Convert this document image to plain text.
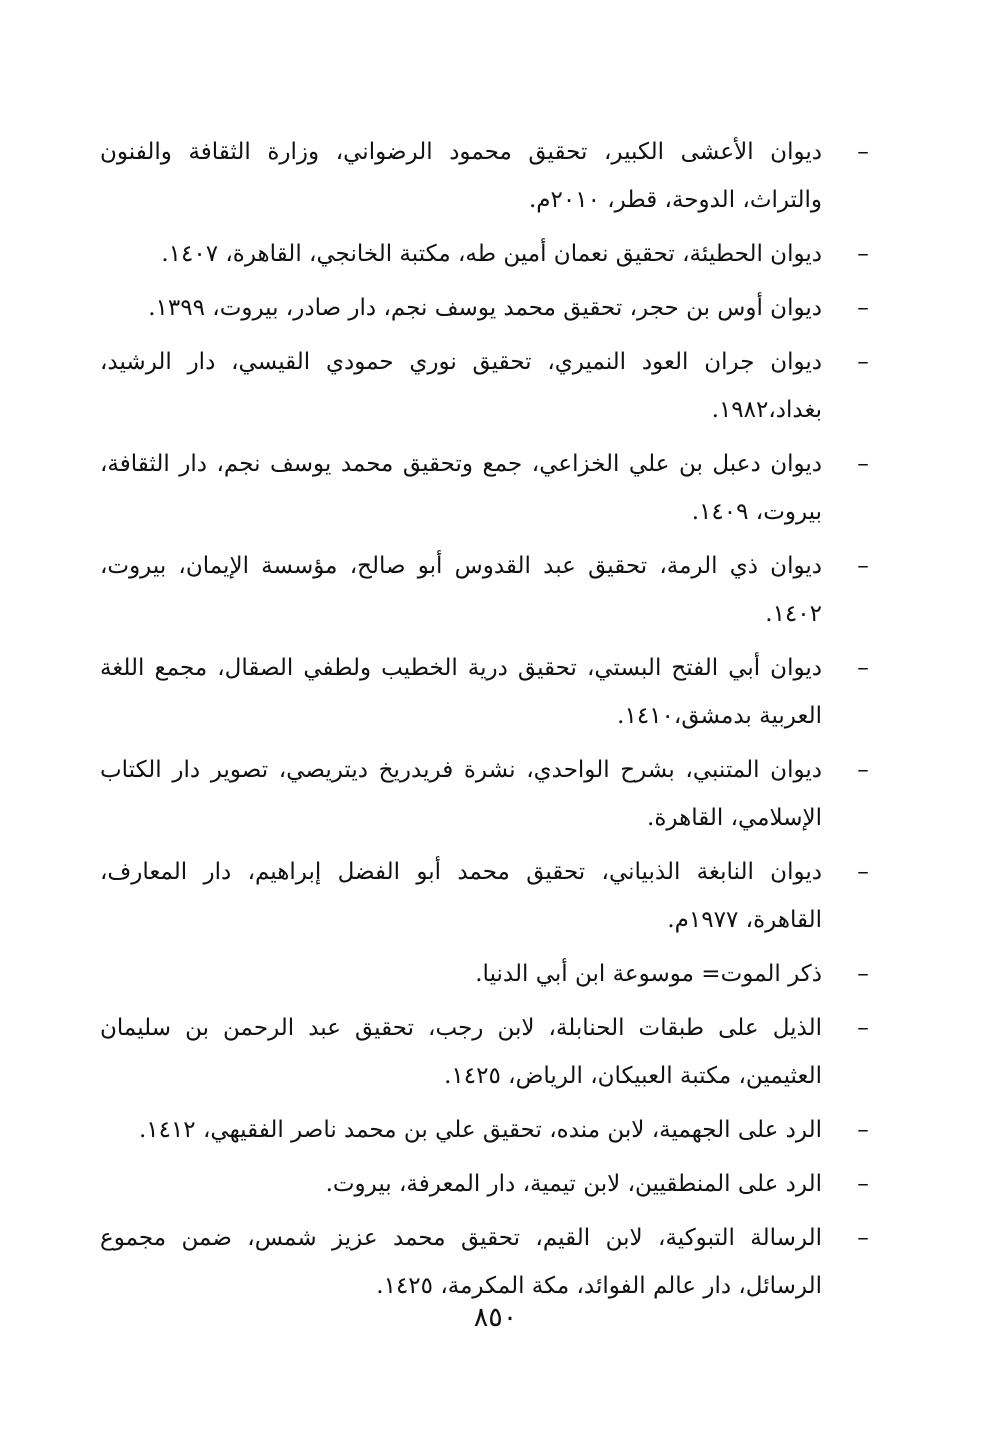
–
ديوان الأعشى الكبير، تحقيق محمود الرضواني، وزارة الثقافة والفنون والتراث، الدوحة، قطر، ٢٠١٠م.
–
ديوان الحطيئة، تحقيق نعمان أمين طه، مكتبة الخانجي، القاهرة، ١٤٠٧.
–
ديوان أوس بن حجر، تحقيق محمد يوسف نجم، دار صادر، بيروت، ١٣٩٩.
–
ديوان جران العود النميري، تحقيق نوري حمودي القيسي، دار الرشيد، بغداد،١٩٨٢.
–
ديوان دعبل بن علي الخزاعي، جمع وتحقيق محمد يوسف نجم، دار الثقافة، بيروت، ١٤٠٩.
–
ديوان ذي الرمة، تحقيق عبد القدوس أبو صالح، مؤسسة الإيمان، بيروت، ١٤٠٢.
–
ديوان أبي الفتح البستي، تحقيق درية الخطيب ولطفي الصقال، مجمع اللغة العربية بدمشق،١٤١٠.
–
ديوان المتنبي، بشرح الواحدي، نشرة فريدريخ ديتريصي، تصوير دار الكتاب الإسلامي، القاهرة.
–
ديوان النابغة الذبياني، تحقيق محمد أبو الفضل إبراهيم، دار المعارف، القاهرة، ١٩٧٧م.
–
ذكر الموت= موسوعة ابن أبي الدنيا.
–
الذيل على طبقات الحنابلة، لابن رجب، تحقيق عبد الرحمن بن سليمان العثيمين، مكتبة العبيكان، الرياض، ١٤٢٥.
–
الرد على الجهمية، لابن منده، تحقيق علي بن محمد ناصر الفقيهي، ١٤١٢.
–
الرد على المنطقيين، لابن تيمية، دار المعرفة، بيروت.
–
الرسالة التبوكية، لابن القيم، تحقيق محمد عزيز شمس، ضمن مجموع الرسائل، دار عالم الفوائد، مكة المكرمة، ١٤٢٥.
٨٥٠
